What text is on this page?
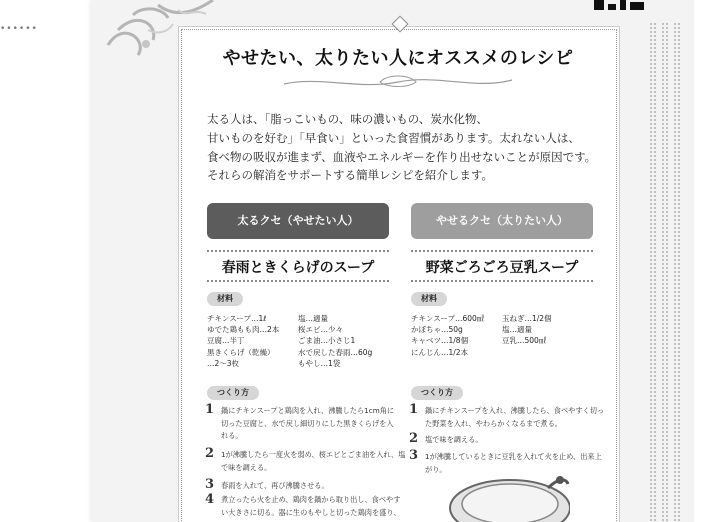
••••••
やせたい、太りたい人にオススメのレシピ
太る人は、「脂っこいもの、味の濃いもの、炭水化物、
甘いものを好む」「早食い」といった食習慣があります。太れない人は、
食べ物の吸収が進まず、血液やエネルギーを作り出せないことが原因です。
それらの解消をサポートする簡単レシピを紹介します。
太るクセ（やせたい人）
春雨ときくらげのスープ
材料
チキンスープ…1ℓ
ゆでた鶏もも肉…2本
豆腐…半丁
黒きくらげ（乾燥）
…2〜3枚
塩…適量
桜エビ…少々
ごま油…小さじ1
水で戻した春雨…60g
もやし…1袋
つくり方
1 鍋にチキンスープと鶏肉を入れ、沸騰したら1cm角に
切った豆腐と、水で戻し細切りにした黒きくらげを入
れる。
2 1が沸騰したら一度火を弱め、桜エビとごま油を入れ、塩
で味を調える。
3 春雨を入れて、再び沸騰させる。
4 煮立ったら火を止め、鶏肉を鍋から取り出し、食べやす
い大きさに切る。器に生のもやしと切った鶏肉を盛り、
やせるクセ（太りたい人）
野菜ごろごろ豆乳スープ
材料
チキンスープ…600㎖
かぼちゃ…50g
キャベツ…1/8個
にんじん…1/2本
玉ねぎ…1/2個
塩…適量
豆乳…500㎖
つくり方
1 鍋にチキンスープを入れ、沸騰したら、食べやすく切っ
た野菜を入れ、やわらかくなるまで煮る。
2 塩で味を調える。
3 1が沸騰しているときに豆乳を入れて火を止め、出来上
がり。
